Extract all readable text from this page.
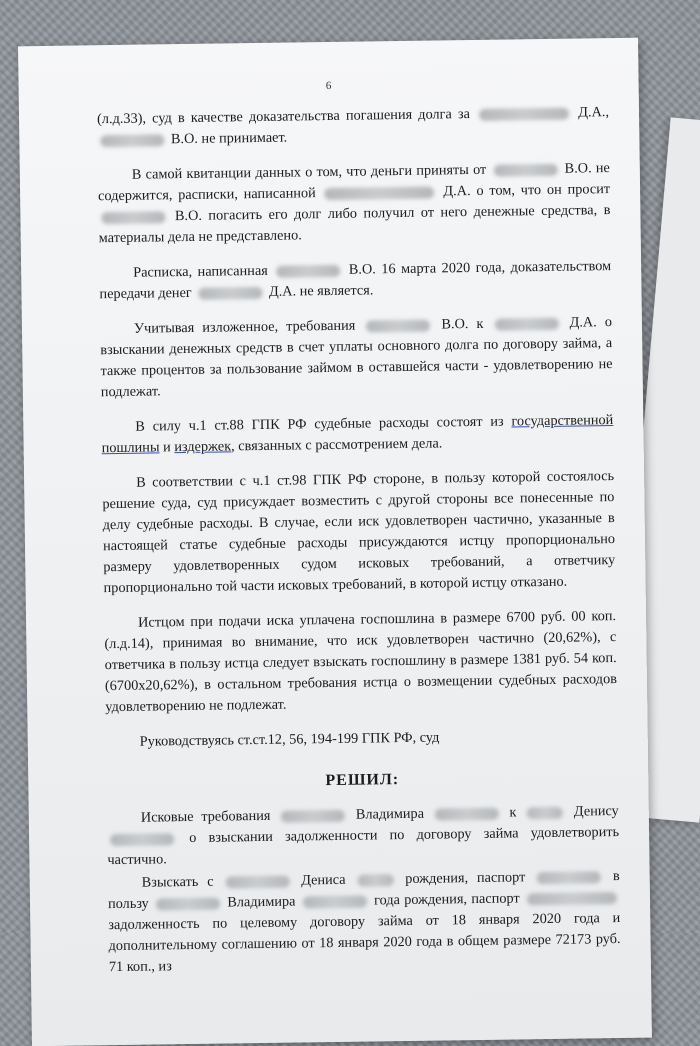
6

(л.д.33), суд в качестве доказательства погашения долга за	Д.А.,  В.О. не принимает.

В самой квитанции данных о том, что деньги приняты от	В.О. не содержится, расписки, написанной	Д.А. о том, что он просит  В.О. погасить его долг либо получил от него денежные средства, в материалы дела не представлено.

Расписка, написанная	В.О. 16 марта 2020 года, доказательством передачи денег	Д.А. не является.

Учитывая изложенное, требования	В.О. к	Д.А. о взыскании денежных средств в счет уплаты основного долга по договору займа, а также процентов за пользование займом в оставшейся части - удовлетворению не подлежат.

В силу ч.1 ст.88 ГПК РФ судебные расходы состоят из государственной пошлины и издержек, связанных с рассмотрением дела.

В соответствии с ч.1 ст.98 ГПК РФ стороне, в пользу которой состоялось решение суда, суд присуждает возместить с другой стороны все понесенные по делу судебные расходы. В случае, если иск удовлетворен частично, указанные в настоящей статье судебные расходы присуждаются истцу пропорционально размеру удовлетворенных судом исковых требований, а ответчику пропорционально той части исковых требований, в которой истцу отказано.

Истцом при подачи иска уплачена госпошлина в размере 6700 руб. 00 коп. (л.д.14), принимая во внимание, что иск удовлетворен частично (20,62%), с ответчика в пользу истца следует взыскать госпошлину в размере 1381 руб. 54 коп. (6700х20,62%), в остальном требования истца о возмещении судебных расходов удовлетворению не подлежат.

Руководствуясь ст.ст.12, 56, 194-199 ГПК РФ, суд

РЕШИЛ:

Исковые требования	Владимира	к	Денису  о взыскании задолженности по договору займа удовлетворить частично.

Взыскать с	Дениса	рождения, паспорт	в пользу	Владимира	года рождения, паспорт  задолженность по целевому договору займа от 18 января 2020 года и дополнительному соглашению от 18 января 2020 года в общем размере 72173 руб. 71 коп., из
